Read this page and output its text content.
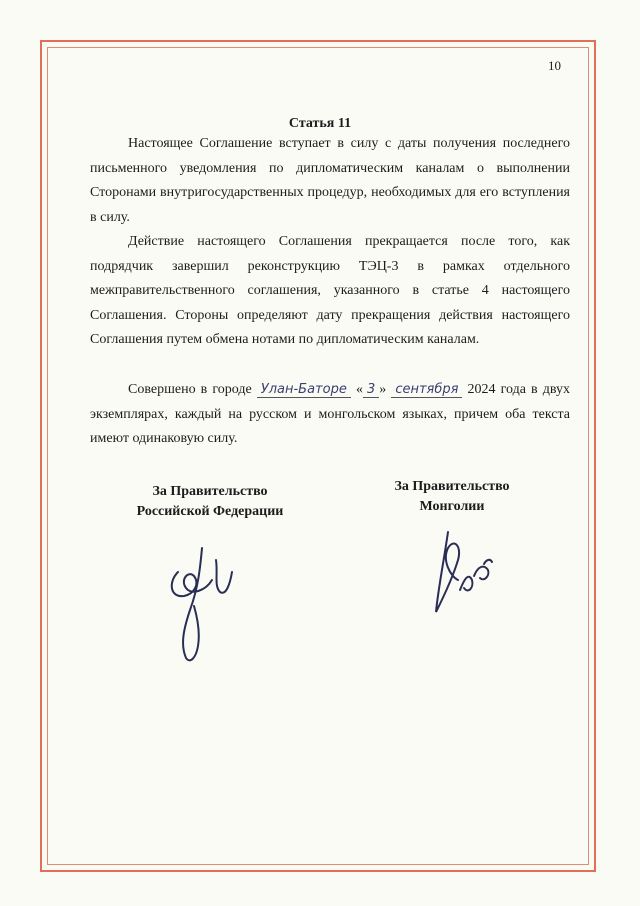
10
Статья 11

Настоящее Соглашение вступает в силу с даты получения последнего письменного уведомления по дипломатическим каналам о выполнении Сторонами внутригосударственных процедур, необходимых для его вступления в силу.

Действие настоящего Соглашения прекращается после того, как подрядчик завершил реконструкцию ТЭЦ-3 в рамках отдельного межправительственного соглашения, указанного в статье 4 настоящего Соглашения. Стороны определяют дату прекращения действия настоящего Соглашения путем обмена нотами по дипломатическим каналам.

Совершено в городе Улан-Баторе « 3 » сентября 2024 года в двух экземплярах, каждый на русском и монгольском языках, причем оба текста имеют одинаковую силу.

За Правительство
Российской Федерации
За Правительство
Монголии
